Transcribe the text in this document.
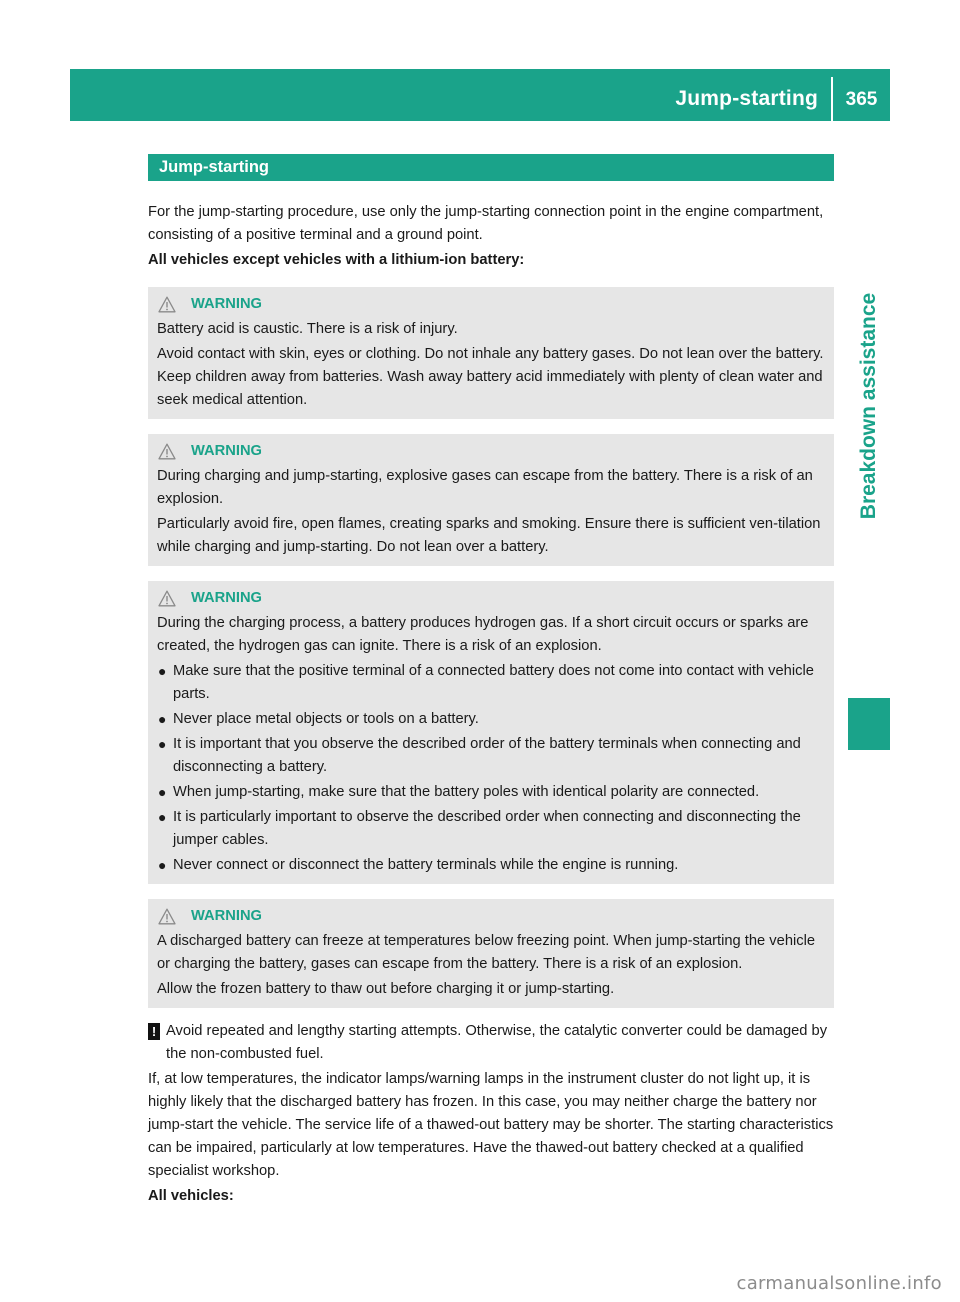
Jump-starting	365
Breakdown assistance
Jump-starting

For the jump-starting procedure, use only the jump-starting connection point in the engine compartment, consisting of a positive terminal and a ground point.

All vehicles except vehicles with a lithium-ion battery:

WARNING

Battery acid is caustic. There is a risk of injury.

Avoid contact with skin, eyes or clothing. Do not inhale any battery gases. Do not lean over the battery. Keep children away from batteries. Wash away battery acid immediately with plenty of clean water and seek medical attention.

WARNING

During charging and jump-starting, explosive gases can escape from the battery. There is a risk of an explosion.

Particularly avoid fire, open flames, creating sparks and smoking. Ensure there is sufficient ven-tilation while charging and jump-starting. Do not lean over a battery.

WARNING

During the charging process, a battery produces hydrogen gas. If a short circuit occurs or sparks are created, the hydrogen gas can ignite. There is a risk of an explosion.

● Make sure that the positive terminal of a connected battery does not come into contact with vehicle parts.
● Never place metal objects or tools on a battery.
● It is important that you observe the described order of the battery terminals when connecting and disconnecting a battery.
● When jump-starting, make sure that the battery poles with identical polarity are connected.
● It is particularly important to observe the described order when connecting and disconnecting the jumper cables.
● Never connect or disconnect the battery terminals while the engine is running.
WARNING

A discharged battery can freeze at temperatures below freezing point. When jump-starting the vehicle or charging the battery, gases can escape from the battery. There is a risk of an explosion.

Allow the frozen battery to thaw out before charging it or jump-starting.

! Avoid repeated and lengthy starting attempts. Otherwise, the catalytic converter could be damaged by the non-combusted fuel.

If, at low temperatures, the indicator lamps/warning lamps in the instrument cluster do not light up, it is highly likely that the discharged battery has frozen. In this case, you may neither charge the battery nor jump-start the vehicle. The service life of a thawed-out battery may be shorter. The starting characteristics can be impaired, particularly at low temperatures. Have the thawed-out battery checked at a qualified specialist workshop.

All vehicles:

carmanualsonline.info
